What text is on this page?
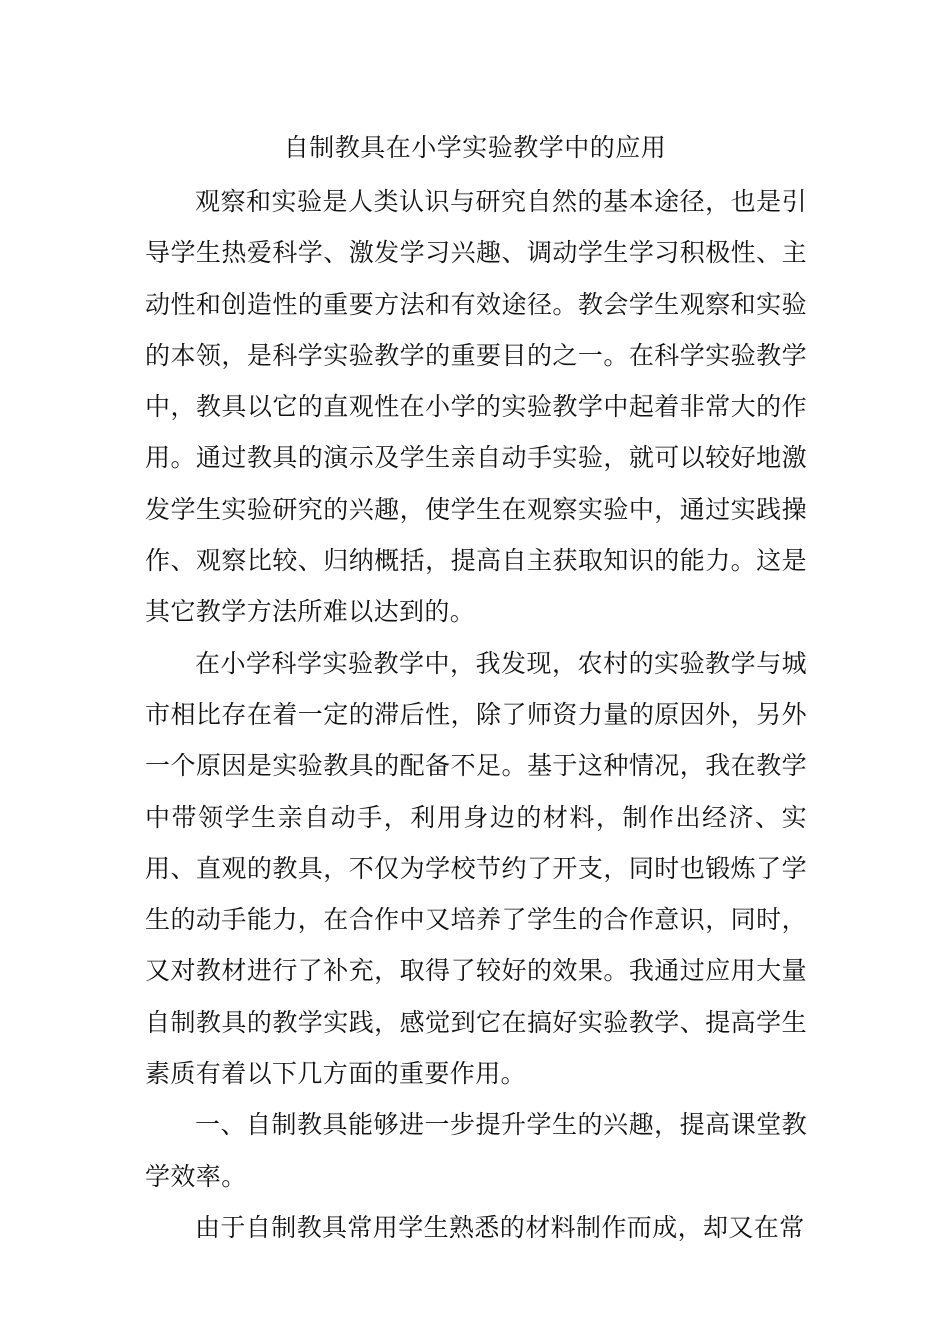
自制教具在小学实验教学中的应用

观察和实验是人类认识与研究自然的基本途径，也是引导学生热爱科学、激发学习兴趣、调动学生学习积极性、主动性和创造性的重要方法和有效途径。教会学生观察和实验的本领，是科学实验教学的重要目的之一。在科学实验教学中，教具以它的直观性在小学的实验教学中起着非常大的作用。通过教具的演示及学生亲自动手实验，就可以较好地激发学生实验研究的兴趣，使学生在观察实验中，通过实践操作、观察比较、归纳概括，提高自主获取知识的能力。这是其它教学方法所难以达到的。

在小学科学实验教学中，我发现，农村的实验教学与城市相比存在着一定的滞后性，除了师资力量的原因外，另外一个原因是实验教具的配备不足。基于这种情况，我在教学中带领学生亲自动手，利用身边的材料，制作出经济、实用、直观的教具，不仅为学校节约了开支，同时也锻炼了学生的动手能力，在合作中又培养了学生的合作意识，同时，又对教材进行了补充，取得了较好的效果。我通过应用大量自制教具的教学实践，感觉到它在搞好实验教学、提高学生素质有着以下几方面的重要作用。

一、自制教具能够进一步提升学生的兴趣，提高课堂教学效率。

由于自制教具常用学生熟悉的材料制作而成，却又在常
